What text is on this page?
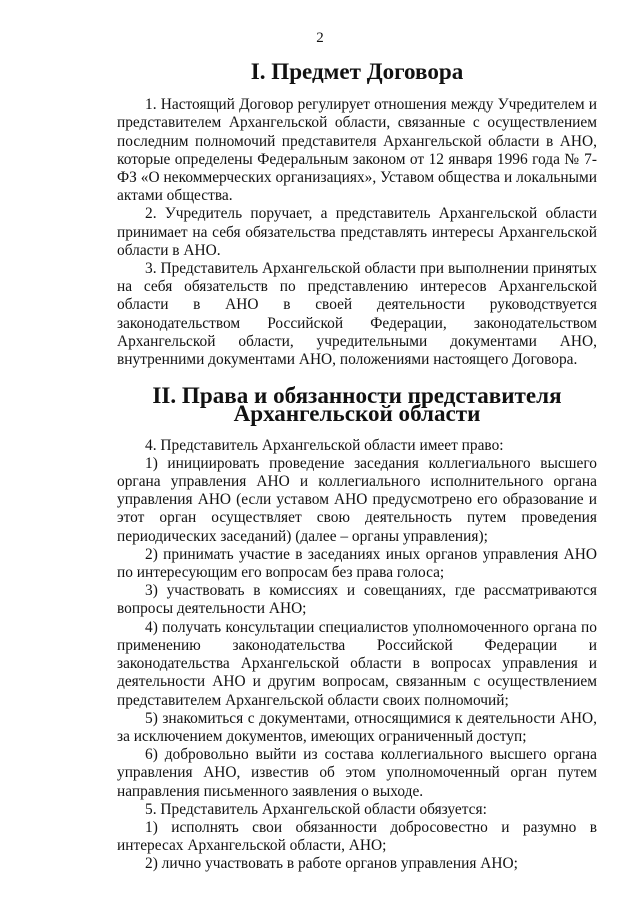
2
I. Предмет Договора

1. Настоящий Договор регулирует отношения между Учредителем и представителем Архангельской области, связанные с осуществлением последним полномочий представителя Архангельской области в АНО, которые определены Федеральным законом от 12 января 1996 года № 7-ФЗ «О некоммерческих организациях», Уставом общества и локальными актами общества.

2. Учредитель поручает, а представитель Архангельской области принимает на себя обязательства представлять интересы Архангельской области в АНО.

3. Представитель Архангельской области при выполнении принятых на себя обязательств по представлению интересов Архангельской области в АНО в своей деятельности руководствуется законодательством Российской Федерации, законодательством Архангельской области, учредительными документами АНО, внутренними документами АНО, положениями настоящего Договора.

II. Права и обязанности представителя Архангельской области

4. Представитель Архангельской области имеет право:

1) инициировать проведение заседания коллегиального высшего органа управления АНО и коллегиального исполнительного органа управления АНО (если уставом АНО предусмотрено его образование и этот орган осуществляет свою деятельность путем проведения периодических заседаний) (далее – органы управления);

2) принимать участие в заседаниях иных органов управления АНО по интересующим его вопросам без права голоса;

3) участвовать в комиссиях и совещаниях, где рассматриваются вопросы деятельности АНО;

4) получать консультации специалистов уполномоченного органа по применению законодательства Российской Федерации и законодательства Архангельской области в вопросах управления и деятельности АНО и другим вопросам, связанным с осуществлением представителем Архангельской области своих полномочий;

5) знакомиться с документами, относящимися к деятельности АНО, за исключением документов, имеющих ограниченный доступ;

6) добровольно выйти из состава коллегиального высшего органа управления АНО, известив об этом уполномоченный орган путем направления письменного заявления о выходе.

5. Представитель Архангельской области обязуется:

1) исполнять свои обязанности добросовестно и разумно в интересах Архангельской области, АНО;

2) лично участвовать в работе органов управления АНО;
